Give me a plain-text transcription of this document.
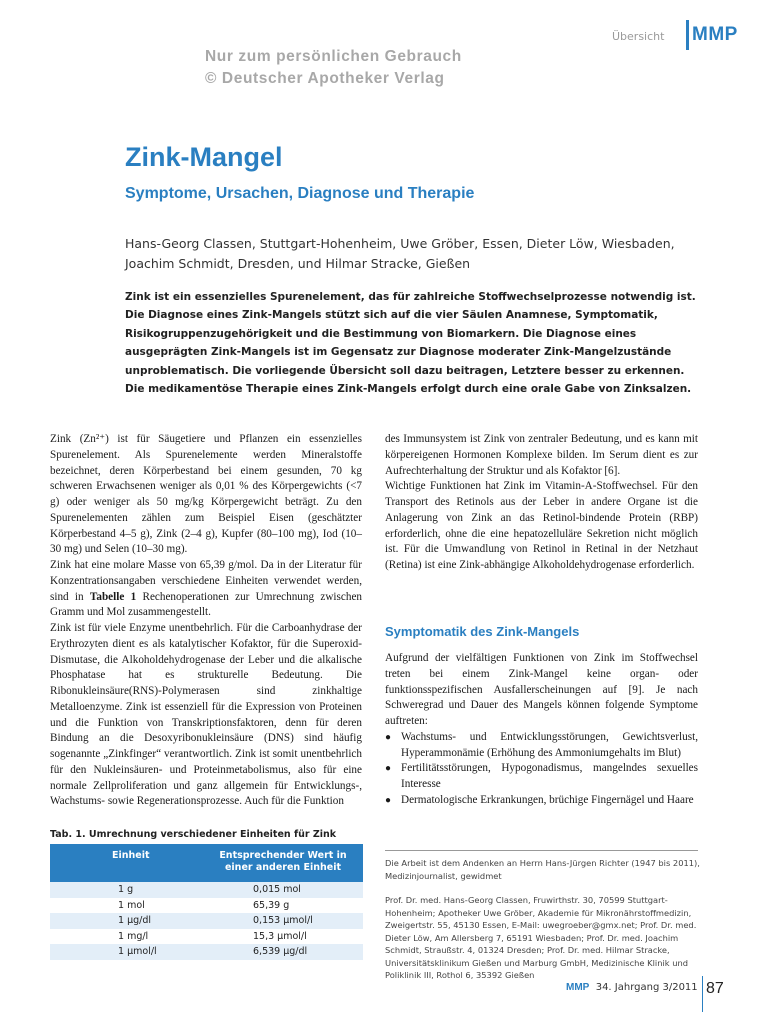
Übersicht MMP
Nur zum persönlichen Gebrauch
© Deutscher Apotheker Verlag
Zink-Mangel
Symptome, Ursachen, Diagnose und Therapie
Hans-Georg Classen, Stuttgart-Hohenheim, Uwe Gröber, Essen, Dieter Löw, Wiesbaden, Joachim Schmidt, Dresden, und Hilmar Stracke, Gießen
Zink ist ein essenzielles Spurenelement, das für zahlreiche Stoffwechselprozesse notwendig ist. Die Diagnose eines Zink-Mangels stützt sich auf die vier Säulen Anamnese, Symptomatik, Risikogruppenzugehörigkeit und die Bestimmung von Biomarkern. Die Diagnose eines ausgeprägten Zink-Mangels ist im Gegensatz zur Diagnose moderater Zink-Mangelzustände unproblematisch. Die vorliegende Übersicht soll dazu beitragen, Letztere besser zu erkennen. Die medikamentöse Therapie eines Zink-Mangels erfolgt durch eine orale Gabe von Zinksalzen.

Zink (Zn²⁺) ist für Säugetiere und Pflanzen ein essenzielles Spurenelement. Als Spurenelemente werden Mineralstoffe bezeichnet, deren Körperbestand bei einem gesunden, 70 kg schweren Erwachsenen weniger als 0,01 % des Körpergewichts (<7 g) oder weniger als 50 mg/kg Körpergewicht beträgt. Zu den Spurenelementen zählen zum Beispiel Eisen (geschätzter Körperbestand 4–5 g), Zink (2–4 g), Kupfer (80–100 mg), Iod (10–30 mg) und Selen (10–30 mg).

Zink hat eine molare Masse von 65,39 g/mol. Da in der Literatur für Konzentrationsangaben verschiedene Einheiten verwendet werden, sind in Tabelle 1 Rechenoperationen zur Umrechnung zwischen Gramm und Mol zusammengestellt.

Zink ist für viele Enzyme unentbehrlich. Für die Carboanhydrase der Erythrozyten dient es als katalytischer Kofaktor, für die Superoxid-Dismutase, die Alkoholdehydrogenase der Leber und die alkalische Phosphatase hat es strukturelle Bedeutung. Die Ribonukleinsäure(RNS)-Polymerasen sind zinkhaltige Metalloenzyme. Zink ist essenziell für die Expression von Proteinen und die Funktion von Transkriptionsfaktoren, denn für deren Bindung an die Desoxyribonukleinsäure (DNS) sind häufig sogenannte „Zinkfinger“ verantwortlich. Zink ist somit unentbehrlich für den Nukleinsäuren- und Proteinmetabolismus, also für eine normale Zellproliferation und ganz allgemein für Entwicklungs-, Wachstums- sowie Regenerationsprozesse. Auch für die Funktion

des Immunsystem ist Zink von zentraler Bedeutung, und es kann mit körpereigenen Hormonen Komplexe bilden. Im Serum dient es zur Aufrechterhaltung der Struktur und als Kofaktor [6].

Wichtige Funktionen hat Zink im Vitamin-A-Stoffwechsel. Für den Transport des Retinols aus der Leber in andere Organe ist die Anlagerung von Zink an das Retinol-bindende Protein (RBP) erforderlich, ohne die eine hepatozelluläre Sekretion nicht möglich ist. Für die Umwandlung von Retinol in Retinal in der Netzhaut (Retina) ist eine Zink-abhängige Alkoholdehydrogenase erforderlich.

Symptomatik des Zink-Mangels

Aufgrund der vielfältigen Funktionen von Zink im Stoffwechsel treten bei einem Zink-Mangel keine organ- oder funktionsspezifischen Ausfallerscheinungen auf [9]. Je nach Schweregrad und Dauer des Mangels können folgende Symptome auftreten:

● Wachstums- und Entwicklungsstörungen, Gewichtsverlust, Hyperammonämie (Erhöhung des Ammoniumgehalts im Blut)
● Fertilitätsstörungen, Hypogonadismus, mangelndes sexuelles Interesse
● Dermatologische Erkrankungen, brüchige Fingernägel und Haare
Tab. 1. Umrechnung verschiedener Einheiten für Zink
Einheit	Entsprechender Wert in einer anderen Einheit
1 g	0,015 mol
1 mol	65,39 g
1 µg/dl	0,153 µmol/l
1 mg/l	15,3 µmol/l
1 µmol/l	6,539 µg/dl
Die Arbeit ist dem Andenken an Herrn Hans-Jürgen Richter (1947 bis 2011), Medizinjournalist, gewidmet
Prof. Dr. med. Hans-Georg Classen, Fruwirthstr. 30, 70599 Stuttgart-Hohenheim; Apotheker Uwe Gröber, Akademie für Mikronährstoffmedizin, Zweigertstr. 55, 45130 Essen, E-Mail: uwegroeber@gmx.net; Prof. Dr. med. Dieter Löw, Am Allersberg 7, 65191 Wiesbaden; Prof. Dr. med. Joachim Schmidt, Straußstr. 4, 01324 Dresden; Prof. Dr. med. Hilmar Stracke, Universitätsklinikum Gießen und Marburg GmbH, Medizinische Klinik und Poliklinik III, Rothol 6, 35392 Gießen
MMP 34. Jahrgang 3/2011 87
